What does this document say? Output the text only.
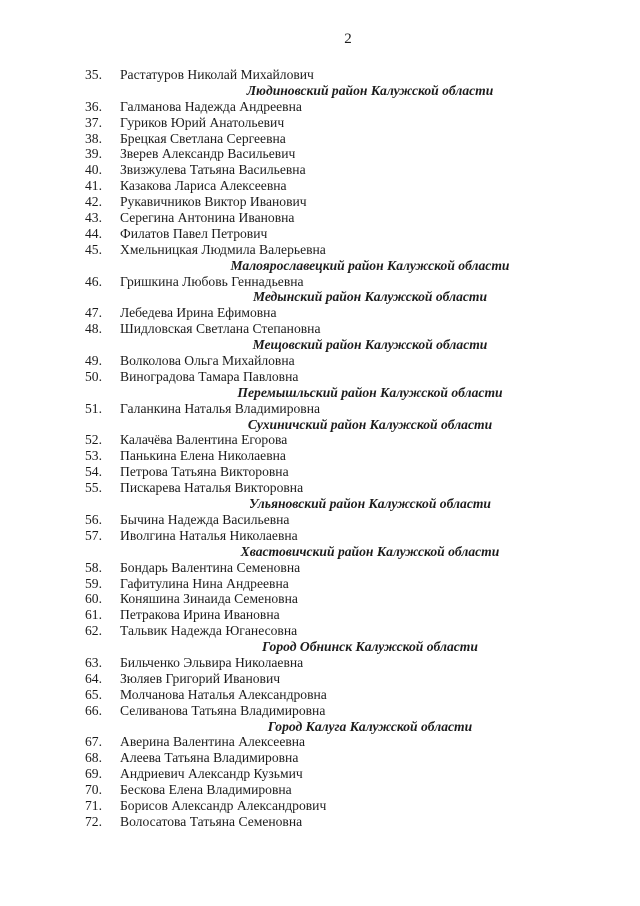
2
35. Растатуров Николай Михайлович
Людиновский район Калужской области
36. Галманова Надежда Андреевна
37. Гуриков Юрий Анатольевич
38. Брецкая Светлана Сергеевна
39. Зверев Александр Васильевич
40. Звизжулева Татьяна Васильевна
41. Казакова Лариса Алексеевна
42. Рукавичников Виктор Иванович
43. Серегина Антонина Ивановна
44. Филатов Павел Петрович
45. Хмельницкая Людмила Валерьевна
Малоярославецкий район Калужской области
46. Гришкина Любовь Геннадьевна
Медынский район Калужской области
47. Лебедева Ирина Ефимовна
48. Шидловская Светлана Степановна
Мещовский район Калужской области
49. Волколова Ольга Михайловна
50. Виноградова Тамара Павловна
Перемышльский район Калужской области
51. Галанкина Наталья Владимировна
Сухиничский район Калужской области
52. Калачёва Валентина Егорова
53. Панькина Елена Николаевна
54. Петрова Татьяна Викторовна
55. Пискарева Наталья Викторовна
Ульяновский район Калужской области
56. Бычина Надежда Васильевна
57. Иволгина Наталья Николаевна
Хвастовичский район Калужской области
58. Бондарь Валентина Семеновна
59. Гафитулина Нина Андреевна
60. Коняшина Зинаида Семеновна
61. Петракова Ирина Ивановна
62. Тальвик Надежда Юганесовна
Город Обнинск Калужской области
63. Бильченко Эльвира Николаевна
64. Зюляев Григорий Иванович
65. Молчанова Наталья Александровна
66. Селиванова Татьяна Владимировна
Город Калуга Калужской области
67. Аверина Валентина Алексеевна
68. Алеева Татьяна Владимировна
69. Андриевич Александр Кузьмич
70. Бескова Елена Владимировна
71. Борисов Александр Александрович
72. Волосатова Татьяна Семеновна
